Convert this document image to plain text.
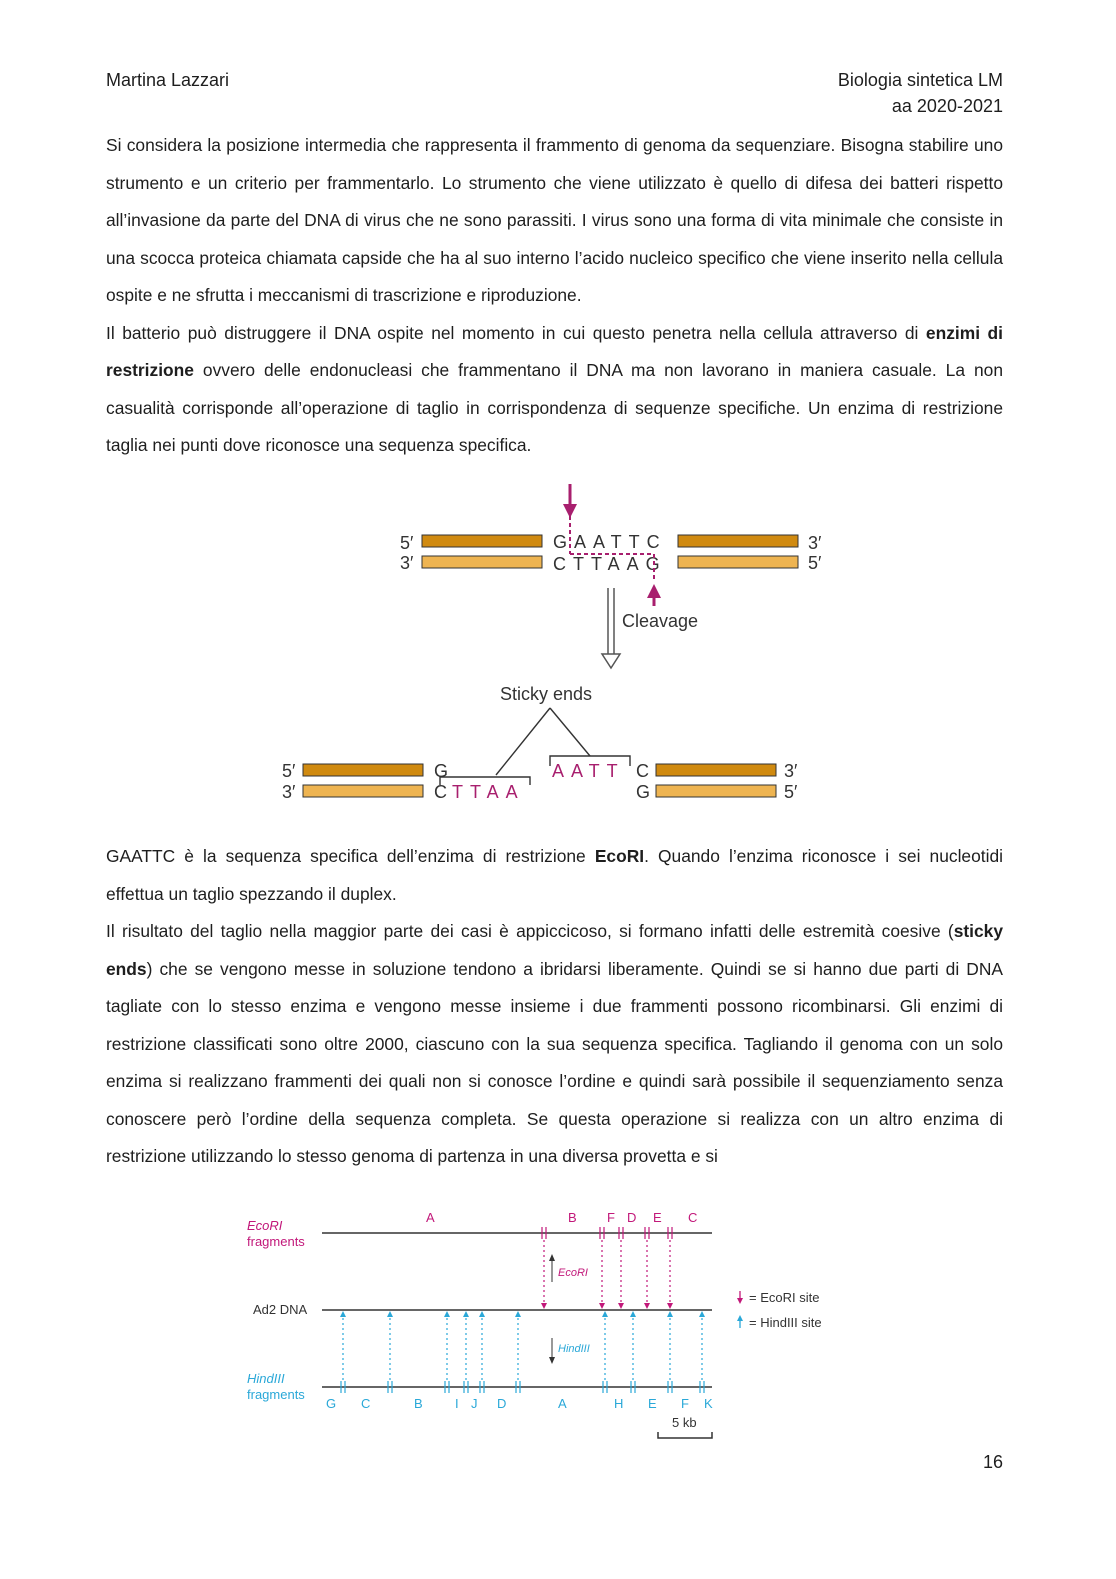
Martina Lazzari	Biologia sintetica LM
aa 2020-2021

Si considera la posizione intermedia che rappresenta il frammento di genoma da sequenziare. Bisogna stabilire uno strumento e un criterio per frammentarlo. Lo strumento che viene utilizzato è quello di difesa dei batteri rispetto all’invasione da parte del DNA di virus che ne sono parassiti. I virus sono una forma di vita minimale che consiste in una scocca proteica chiamata capside che ha al suo interno l’acido nucleico specifico che viene inserito nella cellula ospite e ne sfrutta i meccanismi di trascrizione e riproduzione.

Il batterio può distruggere il DNA ospite nel momento in cui questo penetra nella cellula attraverso di enzimi di restrizione ovvero delle endonucleasi che frammentano il DNA ma non lavorano in maniera casuale. La non casualità corrisponde all’operazione di taglio in corrispondenza di sequenze specifiche. Un enzima di restrizione taglia nei punti dove riconosce una sequenza specifica.

5′
3′
3′
5′
GAATTC
CTTAAG
Cleavage
Sticky ends
5′
3′
G
C TTAA
AATT C
G
3′
5′

GAATTC è la sequenza specifica dell’enzima di restrizione EcoRI. Quando l’enzima riconosce i sei nucleotidi effettua un taglio spezzando il duplex.

Il risultato del taglio nella maggior parte dei casi è appiccicoso, si formano infatti delle estremità coesive (sticky ends) che se vengono messe in soluzione tendono a ibridarsi liberamente. Quindi se si hanno due parti di DNA tagliate con lo stesso enzima e vengono messe insieme i due frammenti possono ricombinarsi. Gli enzimi di restrizione classificati sono oltre 2000, ciascuno con la sua sequenza specifica. Tagliando il genoma con un solo enzima si realizzano frammenti dei quali non si conosce l’ordine e quindi sarà possibile il sequenziamento senza conoscere però l’ordine della sequenza completa. Se questa operazione si realizza con un altro enzima di restrizione utilizzando lo stesso genoma di partenza in una diversa provetta e si

EcoRI
fragments
Ad2 DNA
HindIII
fragments
A	B F D E C
EcoRI
G C	B I J D	A	H E F K
HindIII
= EcoRI site
= HindIII site
5 kb
16
